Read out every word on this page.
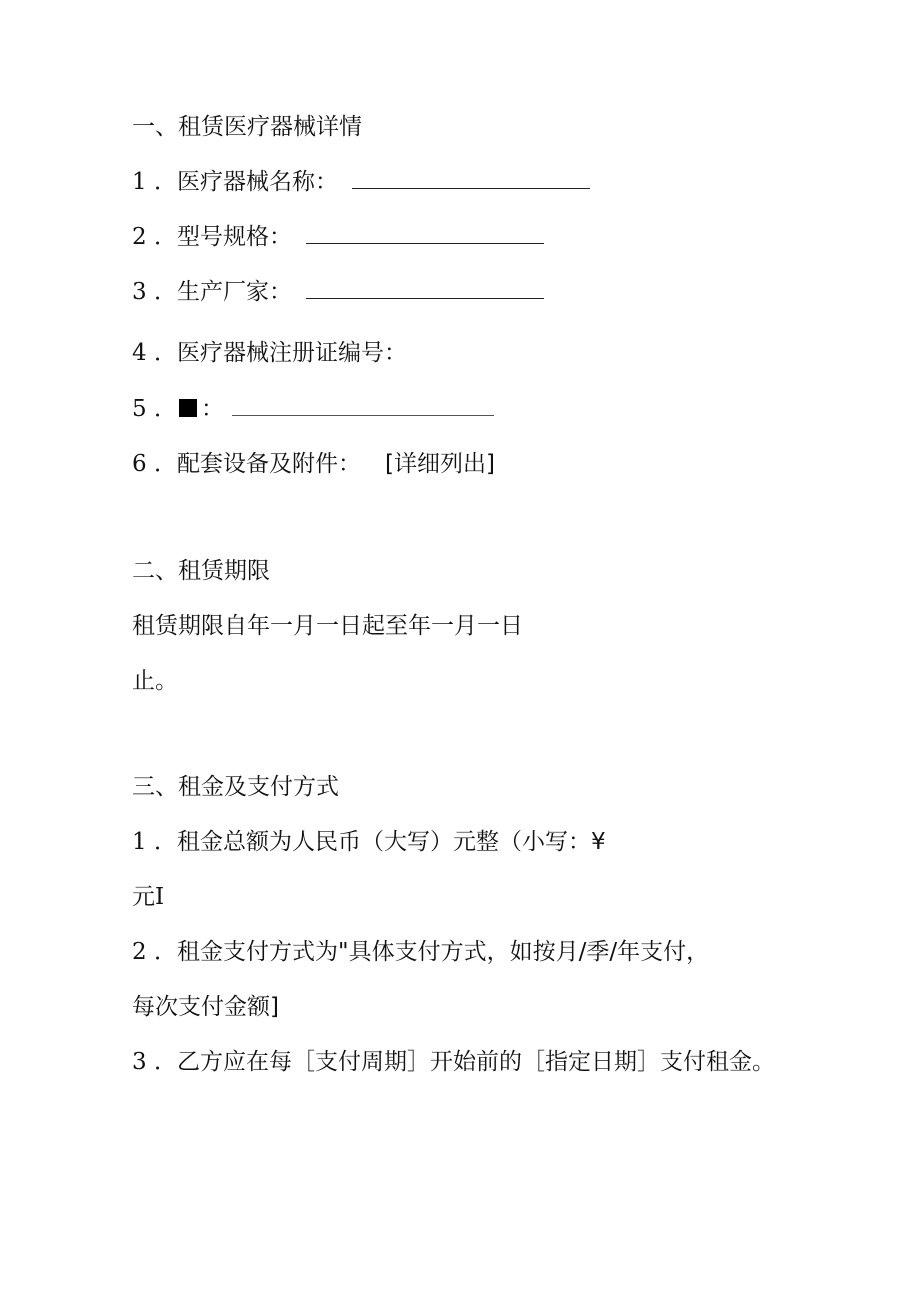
一、租赁医疗器械详情
1 ．医疗器械名称：
2 ．型号规格：
3 ．生产厂家：
4 ．医疗器械注册证编号：
5 ． ：
6 ．配套设备及附件： [详细列出]
二、租赁期限
租赁期限自年一月一日起至年一月一日
止。
三、租金及支付方式
1 ．租金总额为人民币（大写）元整（小写：¥
元I
2 ．租金支付方式为"具体支付方式，如按月/季/年支付，
每次支付金额]
3 ．乙方应在每［支付周期］开始前的［指定日期］支付租金。
